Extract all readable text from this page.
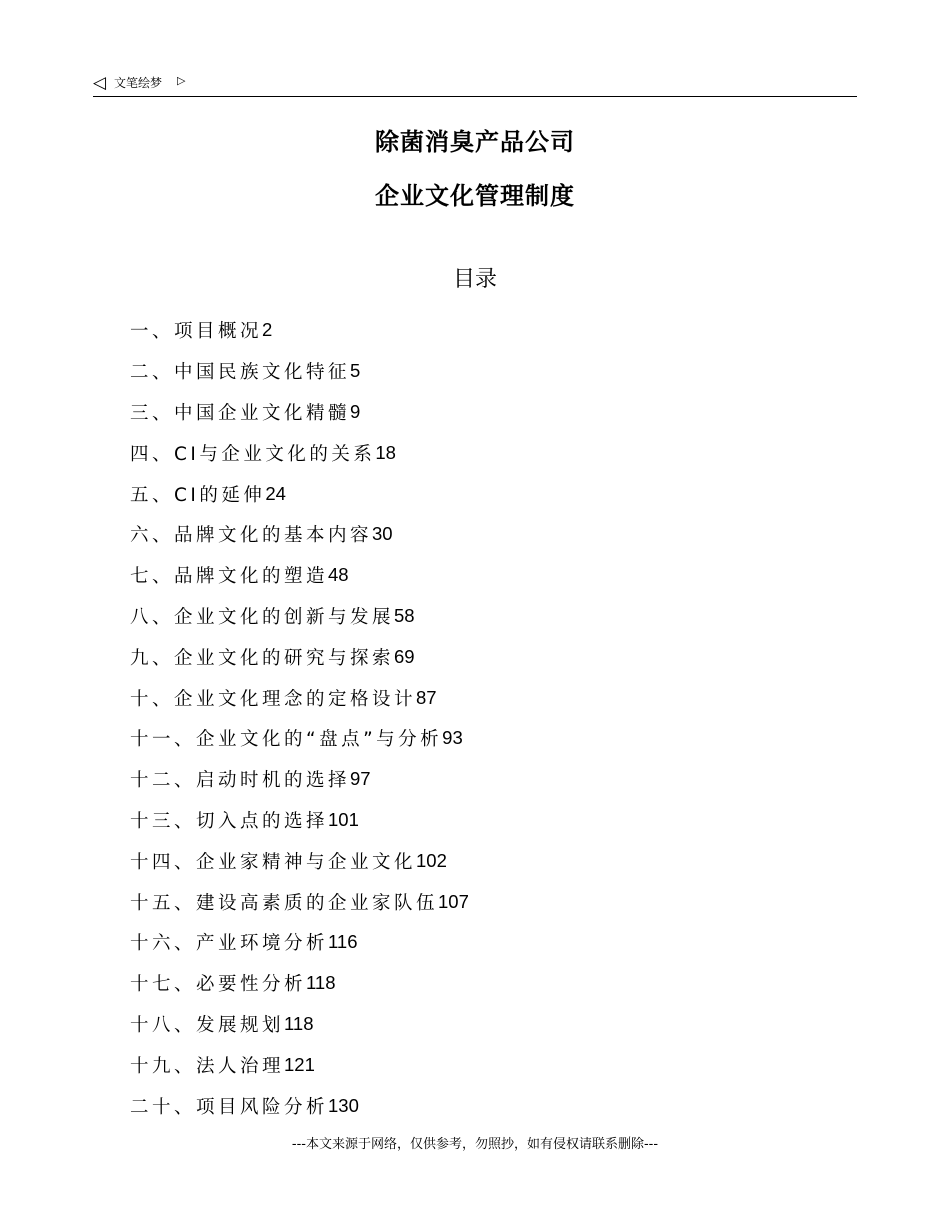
◁ 文笔绘梦 ▷
除菌消臭产品公司
企业文化管理制度
目录
一、项目概况 2
二、中国民族文化特征 5
三、中国企业文化精髓 9
四、CI与企业文化的关系 18
五、CI的延伸 24
六、品牌文化的基本内容 30
七、品牌文化的塑造 48
八、企业文化的创新与发展 58
九、企业文化的研究与探索 69
十、企业文化理念的定格设计 87
十一、企业文化的“盘点”与分析 93
十二、启动时机的选择 97
十三、切入点的选择 101
十四、企业家精神与企业文化 102
十五、建设高素质的企业家队伍 107
十六、产业环境分析 116
十七、必要性分析 118
十八、发展规划 118
十九、法人治理 121
二十、项目风险分析 130
---本文来源于网络，仅供参考，勿照抄，如有侵权请联系删除---
